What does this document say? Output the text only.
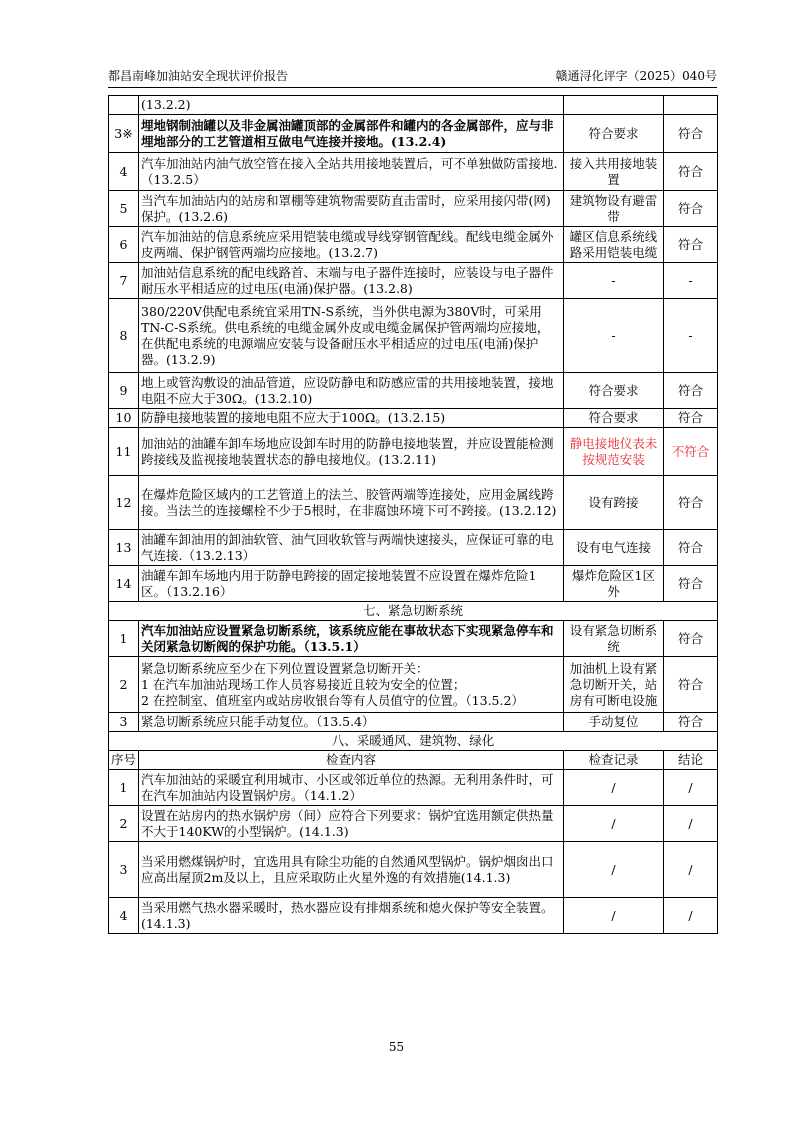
都昌南峰加油站安全现状评价报告	赣通浔化评字（2025）040号
	(13.2.2)		
3※	埋地钢制油罐以及非金属油罐顶部的金属部件和罐内的各金属部件，应与非埋地部分的工艺管道相互做电气连接并接地。(13.2.4)	符合要求	符合
4	汽车加油站内油气放空管在接入全站共用接地装置后，可不单独做防雷接地.（13.2.5）	接入共用接地装置	符合
5	当汽车加油站内的站房和罩棚等建筑物需要防直击雷时，应采用接闪带(网)保护。(13.2.6)	建筑物设有避雷带	符合
6	汽车加油站的信息系统应采用铠装电缆或导线穿钢管配线。配线电缆金属外皮两端、保护钢管两端均应接地。(13.2.7)	罐区信息系统线路采用铠装电缆	符合
7	加油站信息系统的配电线路首、末端与电子器件连接时，应装设与电子器件耐压水平相适应的过电压(电涌)保护器。(13.2.8)	-	-
8	380/220V供配电系统宜采用TN-S系统，当外供电源为380V时，可采用TN-C-S系统。供电系统的电缆金属外皮或电缆金属保护管两端均应接地，在供配电系统的电源端应安装与设备耐压水平相适应的过电压(电涌)保护器。(13.2.9)	-	-
9	地上或管沟敷设的油品管道，应设防静电和防感应雷的共用接地装置，接地电阻不应大于30Ω。(13.2.10)	符合要求	符合
10	防静电接地装置的接地电阻不应大于100Ω。(13.2.15)	符合要求	符合
11	加油站的油罐车卸车场地应设卸车时用的防静电接地装置，并应设置能检测跨接线及监视接地装置状态的静电接地仪。(13.2.11)	静电接地仪表未按规范安装	不符合
12	在爆炸危险区域内的工艺管道上的法兰、胶管两端等连接处，应用金属线跨接。当法兰的连接螺栓不少于5根时，在非腐蚀环境下可不跨接。(13.2.12)	设有跨接	符合
13	油罐车卸油用的卸油软管、油气回收软管与两端快速接头，应保证可靠的电气连接.（13.2.13）	设有电气连接	符合
14	油罐车卸车场地内用于防静电跨接的固定接地装置不应设置在爆炸危险1区。（13.2.16）	爆炸危险区1区外	符合
七、紧急切断系统			
1	汽车加油站应设置紧急切断系统，该系统应能在事故状态下实现紧急停车和关闭紧急切断阀的保护功能。（13.5.1）	设有紧急切断系统	符合
2	紧急切断系统应至少在下列位置设置紧急切断开关：
1 在汽车加油站现场工作人员容易接近且较为安全的位置；
2 在控制室、值班室内或站房收银台等有人员值守的位置。（13.5.2）	加油机上设有紧急切断开关，站房有可断电设施	符合
3	紧急切断系统应只能手动复位。（13.5.4）	手动复位	符合
八、采暖通风、建筑物、绿化			
序号	检查内容	检查记录	结论
1	汽车加油站的采暖宜利用城市、小区或邻近单位的热源。无利用条件时，可在汽车加油站内设置锅炉房。（14.1.2）	/	/
2	设置在站房内的热水锅炉房（间）应符合下列要求：锅炉宜选用额定供热量不大于140KW的小型锅炉。(14.1.3)	/	/
3	当采用燃煤锅炉时，宜选用具有除尘功能的自然通风型锅炉。锅炉烟囱出口应高出屋顶2m及以上，且应采取防止火星外逸的有效措施(14.1.3)	/	/
4	当采用燃气热水器采暖时，热水器应设有排烟系统和熄火保护等安全装置。(14.1.3)	/	/
55
